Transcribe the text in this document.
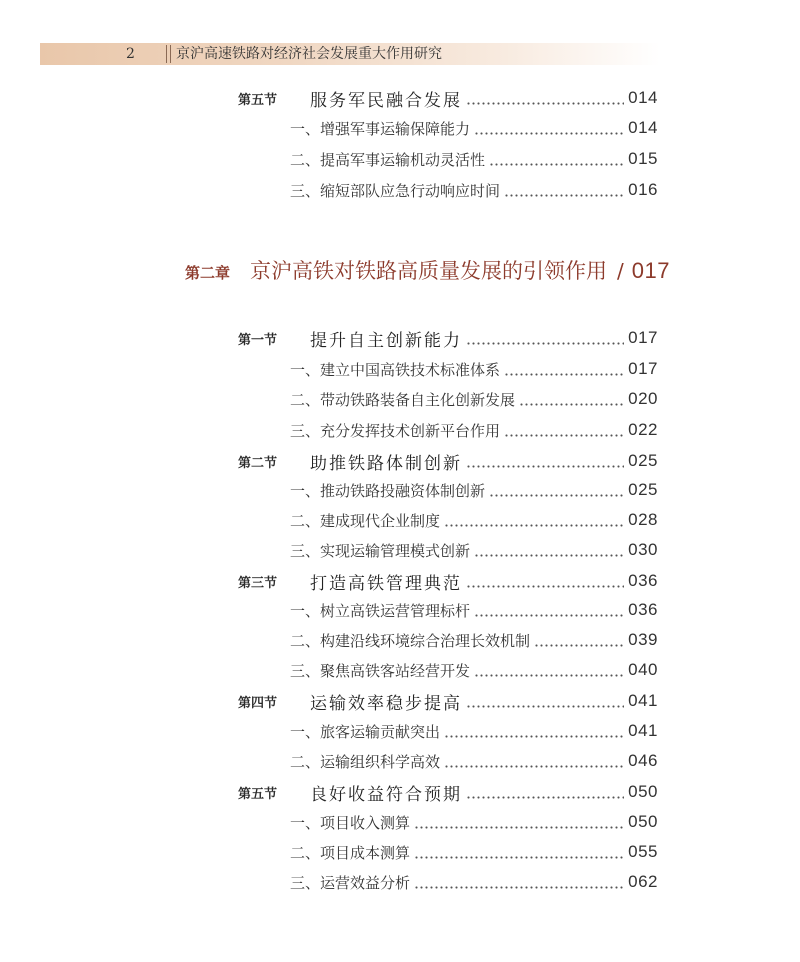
2	京沪高速铁路对经济社会发展重大作用研究
第五节	服务军民融合发展	014
一、增强军事运输保障能力	014
二、提高军事运输机动灵活性	015
三、缩短部队应急行动响应时间	016
第二章 京沪高铁对铁路高质量发展的引领作用 / 017
第一节	提升自主创新能力	017
一、建立中国高铁技术标准体系	017
二、带动铁路装备自主化创新发展	020
三、充分发挥技术创新平台作用	022
第二节	助推铁路体制创新	025
一、推动铁路投融资体制创新	025
二、建成现代企业制度	028
三、实现运输管理模式创新	030
第三节	打造高铁管理典范	036
一、树立高铁运营管理标杆	036
二、构建沿线环境综合治理长效机制	039
三、聚焦高铁客站经营开发	040
第四节	运输效率稳步提高	041
一、旅客运输贡献突出	041
二、运输组织科学高效	046
第五节	良好收益符合预期	050
一、项目收入测算	050
二、项目成本测算	055
三、运营效益分析	062
